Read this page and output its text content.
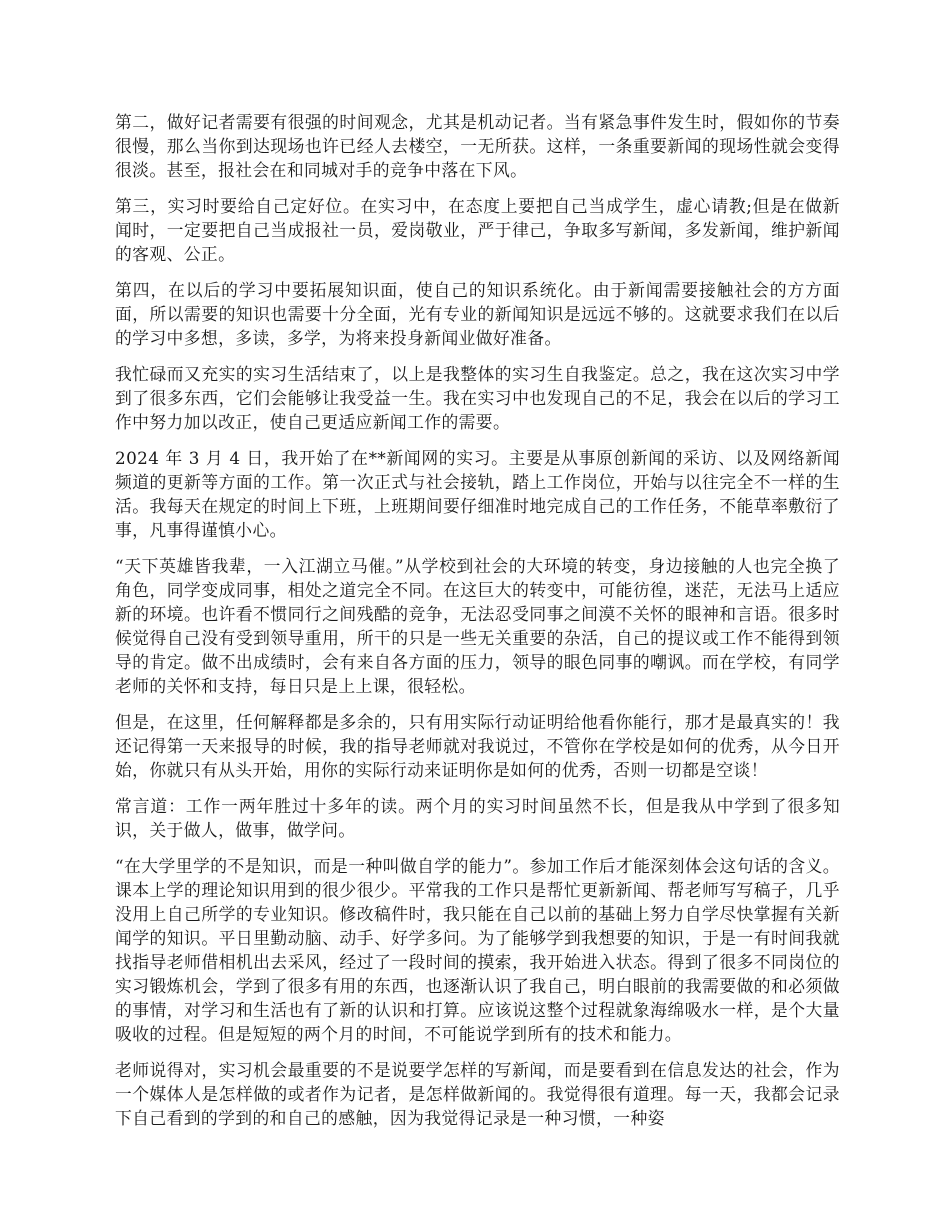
第二，做好记者需要有很强的时间观念，尤其是机动记者。当有紧急事件发生时，假如你的节奏很慢，那么当你到达现场也许已经人去楼空，一无所获。这样，一条重要新闻的现场性就会变得很淡。甚至，报社会在和同城对手的竞争中落在下风。

第三，实习时要给自己定好位。在实习中，在态度上要把自己当成学生，虚心请教;但是在做新闻时，一定要把自己当成报社一员，爱岗敬业，严于律己，争取多写新闻，多发新闻，维护新闻的客观、公正。

第四，在以后的学习中要拓展知识面，使自己的知识系统化。由于新闻需要接触社会的方方面面，所以需要的知识也需要十分全面，光有专业的新闻知识是远远不够的。这就要求我们在以后的学习中多想，多读，多学，为将来投身新闻业做好准备。

我忙碌而又充实的实习生活结束了，以上是我整体的实习生自我鉴定。总之，我在这次实习中学到了很多东西，它们会能够让我受益一生。我在实习中也发现自己的不足，我会在以后的学习工作中努力加以改正，使自己更适应新闻工作的需要。

2024 年 3 月 4 日，我开始了在**新闻网的实习。主要是从事原创新闻的采访、以及网络新闻频道的更新等方面的工作。第一次正式与社会接轨，踏上工作岗位，开始与以往完全不一样的生活。我每天在规定的时间上下班，上班期间要仔细准时地完成自己的工作任务，不能草率敷衍了事，凡事得谨慎小心。

“天下英雄皆我辈，一入江湖立马催。”从学校到社会的大环境的转变，身边接触的人也完全换了角色，同学变成同事，相处之道完全不同。在这巨大的转变中，可能彷徨，迷茫，无法马上适应新的环境。也许看不惯同行之间残酷的竞争，无法忍受同事之间漠不关怀的眼神和言语。很多时候觉得自己没有受到领导重用，所干的只是一些无关重要的杂活，自己的提议或工作不能得到领导的肯定。做不出成绩时，会有来自各方面的压力，领导的眼色同事的嘲讽。而在学校，有同学老师的关怀和支持，每日只是上上课，很轻松。

但是，在这里，任何解释都是多余的，只有用实际行动证明给他看你能行，那才是最真实的！我还记得第一天来报导的时候，我的指导老师就对我说过，不管你在学校是如何的优秀，从今日开始，你就只有从头开始，用你的实际行动来证明你是如何的优秀，否则一切都是空谈！

常言道：工作一两年胜过十多年的读。两个月的实习时间虽然不长，但是我从中学到了很多知识，关于做人，做事，做学问。

“在大学里学的不是知识，而是一种叫做自学的能力”。参加工作后才能深刻体会这句话的含义。课本上学的理论知识用到的很少很少。平常我的工作只是帮忙更新新闻、帮老师写写稿子，几乎没用上自己所学的专业知识。修改稿件时，我只能在自己以前的基础上努力自学尽快掌握有关新闻学的知识。平日里勤动脑、动手、好学多问。为了能够学到我想要的知识，于是一有时间我就找指导老师借相机出去采风，经过了一段时间的摸索，我开始进入状态。得到了很多不同岗位的实习锻炼机会，学到了很多有用的东西，也逐渐认识了我自己，明白眼前的我需要做的和必须做的事情，对学习和生活也有了新的认识和打算。应该说这整个过程就象海绵吸水一样，是个大量吸收的过程。但是短短的两个月的时间，不可能说学到所有的技术和能力。

老师说得对，实习机会最重要的不是说要学怎样的写新闻，而是要看到在信息发达的社会，作为一个媒体人是怎样做的或者作为记者，是怎样做新闻的。我觉得很有道理。每一天，我都会记录下自己看到的学到的和自己的感触，因为我觉得记录是一种习惯，一种姿
